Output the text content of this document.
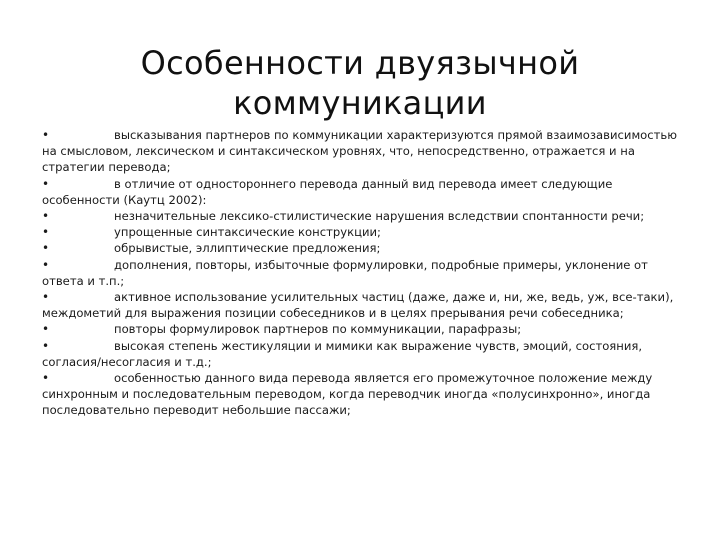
Особенности двуязычной
коммуникации

•	высказывания партнеров по коммуникации характеризуются прямой взаимозависимостью на смысловом, лексическом и синтаксическом уровнях, что, непосредственно, отражается и на стратегии перевода;

•	в отличие от одностороннего перевода данный вид перевода имеет следующие особенности (Каутц 2002):

•	незначительные лексико-стилистические нарушения вследствии спонтанности речи;

•	упрощенные синтаксические конструкции;

•	обрывистые, эллиптические предложения;

•	дополнения, повторы, избыточные формулировки, подробные примеры, уклонение от ответа и т.п.;

•	активное использование усилительных частиц (даже, даже и, ни, же, ведь, уж, все-таки), междометий для выражения позиции собеседников и в целях прерывания речи собеседника;

•	повторы формулировок партнеров по коммуникации, парафразы;

•	высокая степень жестикуляции и мимики как выражение чувств, эмоций, состояния, согласия/несогласия и т.д.;

•	особенностью данного вида перевода является его промежуточное положение между синхронным и последовательным переводом, когда переводчик иногда «полусинхронно», иногда последовательно переводит небольшие пассажи;
